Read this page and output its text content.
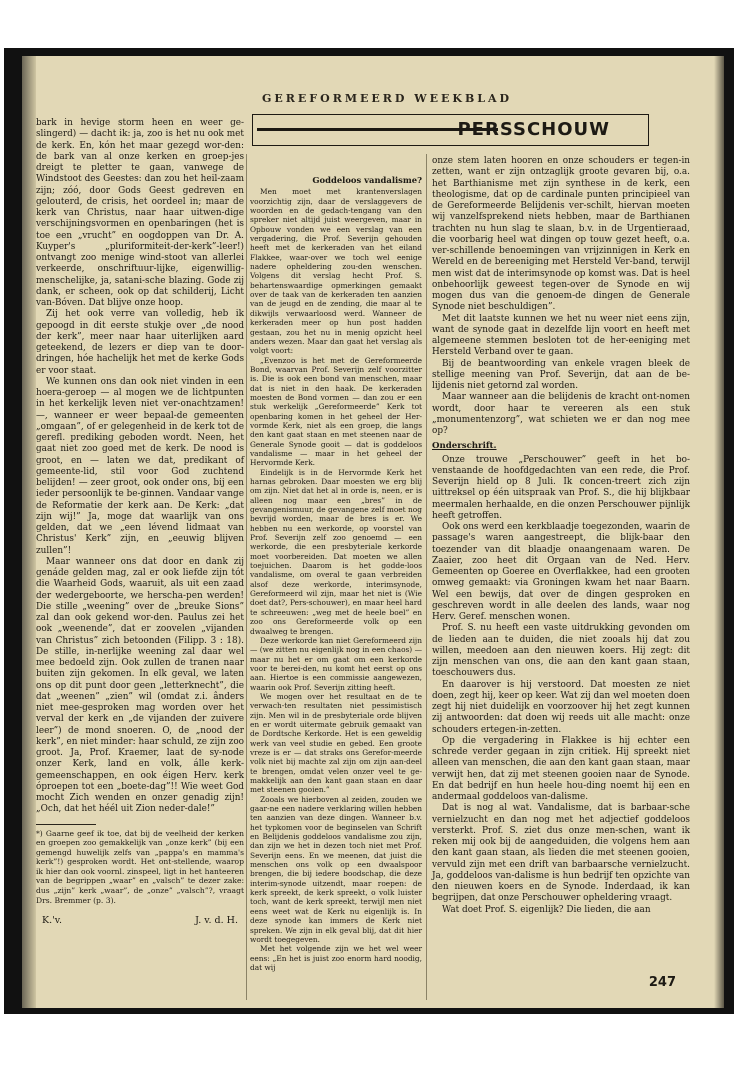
GEREFORMEERD WEEKBLAD
PERSSCHOUW

bark in hevige storm heen en weer ge-slingerd) — dacht ik: ja, zoo is het nu ook met de kerk. En, kón het maar gezegd wor-den: de bark van al onze kerken en groep-jes dreigt te pletter te gaan, vanwege de Windstoot des Geestes: dan zou het heil-zaam zijn; zóó, door Gods Geest gedreven en gelouterd, de crisis, het oordeel in; maar de kerk van Christus, naar haar uitwen-dige verschijningsvormen en openbaringen (het is toe een „vrucht” en oogdoppen van Dr. A. Kuyper's „pluriformiteit-der-kerk”-leer!) ontvangt zoo menige wind-stoot van allerlei verkeerde, onschriftuur-lijke, eigenwillig-menschelijke, ja, satani-sche blazing. Gode zij dank, er scheen, ook op dat schilderij, Licht van-Bóven. Dat blijve onze hoop.

Zij het ook verre van volledig, heb ik gepoogd in dit eerste stukje over „de nood der kerk”, meer naar haar uiterlijken aard geteekend, de lezers er diep van te door-dringen, hóe hachelijk het met de kerke Gods er voor staat.

We kunnen ons dan ook niet vinden in een hoera-geroep — al mogen we de lichtpunten in het kerkelijk leven niet ver-onachtzamen! —, wanneer er weer bepaal-de gemeenten „omgaan”, of er gelegenheid in de kerk tot de gerefl. prediking geboden wordt. Neen, het gaat niet zoo goed met de kerk. De nood is groot, en — laten we dat, predikant of gemeente-lid, stil voor God zuchtend belijden! — zeer groot, ook onder ons, bij een ieder persoonlijk te be-ginnen. Vandaar vange de Reformatie der kerk aan. De Kerk: „dat zijn wij!” Ja, moge dat waarlijk van ons gelden, dat we „een lévend lidmaat van Christus' Kerk” zijn, en „eeuwig blijven zullen”!

Maar wanneer ons dat door en dank zij genáde gelden mag, zal er ook liefde zijn tót die Waarheid Gods, waaruit, als uit een zaad der wedergeboorte, we herscha-pen werden! Die stille „weening” over de „breuke Sions” zal dan ook gekend wor-den. Paulus zei het ook „weenende”, dat er zoovelen „vijanden van Christus” zich betoonden (Filipp. 3 : 18). De stille, in-nerlijke weening zal daar wel mee bedoeld zijn. Ook zullen de tranen naar buiten zijn gekomen. In elk geval, we laten ons op dit punt door geen „letterknecht”, die dat „weenen” „zien” wil (omdat z.i. ânders niet mee-gesproken mag worden over het verval der kerk en „de vijanden der zuivere leer”) de mond snoeren. O, de „nood der kerk”, en niet minder: haar schuld, ze zijn zoo groot. Ja, Prof. Kraemer, laat de sy-node onzer Kerk, land en volk, álle kerk-gemeenschappen, en ook éigen Herv. kerk óproepen tot een „boete-dag”!! Wie weet God mocht Zich wenden en onzer genadig zijn! „Och, dat het héél uit Zion neder-dale!”

*) Gaarne geef ik toe, dat bij de veelheid der kerken en groepen zoo gemakkelijk van „onze kerk” (bij een gemengd huwelijk zelfs van „pappa's en mamma's kerk”!) gesproken wordt. Het ont-stellende, waarop ik hier dan ook voornl. zinspeel, ligt in het hanteeren van de begrippen „waar” en „valsch” te dezer zake: dus „zijn” kerk „waar”, de „onze” „valsch”?, vraagt Drs. Bremmer (p. 3).

K.'v.	J. v. d. H.
Goddeloos vandalisme?

Men moet met krantenverslagen voorzichtig zijn, daar de verslaggevers de woorden en de gedach-tengang van den spreker niet altijd juist weergeven, maar in Opbouw vonden we een verslag van een vergadering, die Prof. Severijn gehouden heeft met de kerkeraden van het eiland Flakkee, waar-over we toch wel eenige nadere opheldering zou-den wenschen. Volgens dit verslag hecht Prof. S. behartenswaardige opmerkingen gemaakt over de taak van de kerkeraden ten aanzien van de jeugd en de zending, die maar al te dikwijls verwaarloosd werd. Wanneer de kerkeraden meer op hun post hadden gestaan, zou het nu in menig opzicht heel anders wezen. Maar dan gaat het verslag als volgt voort:

„Evenzoo is het met de Gereformeerde Bond, waarvan Prof. Severijn zelf voorzitter is. Die is ook een bond van menschen, maar dat is niet in den haak. De kerkeraden moesten de Bond vormen — dan zou er een stuk werkelijk „Gereformeerde” Kerk tot openbaring komen in het geheel der Her-vormde Kerk, niet als een groep, die langs den kant gaat staan en met steenen naar de Generale Synode gooit — dat is goddeloos vandalisme — maar in het geheel der Hervormde Kerk.

Eindelijk is in de Hervormde Kerk het harnas gebroken. Daar moesten we erg blij om zijn. Niet dat het al in orde is, neen, er is alleen nog maar een „bres” in de gevangenismuur, de gevangene zelf moet nog bevrijd worden, maar de bres is er. We hebben nu een werkorde, op voorstel van Prof. Severijn zelf zoo genoemd — een werkorde, die een presbyteriale kerkorde moet voorbereiden. Dat moeten we allen toejuichen. Daarom is het godde-loos vandalisme, om overal te gaan verbreiden alsof deze werkorde, interimsynode, Gereformeerd wil zijn, maar het niet is (Wie doet dat?, Pers-schouwer), en maar heel hard te schreeuwen: „weg met de heele boel” en zoo ons Gereformeerde volk op een dwaalweg te brengen.

Deze werkorde kan niet Gereformeerd zijn — (we zitten nu eigenlijk nog in een chaos) — maar nu het er om gaat om een kerkorde voor te berei-den, nu komt het eerst op ons aan. Hiertoe is een commissie aangewezen, waarin ook Prof. Severijn zitting heeft.

We mogen over het resultaat en de te verwach-ten resultaten niet pessimistisch zijn. Men wil in de presbyteriale orde blijven en er wordt uitermate gebruik gemaakt van de Dordtsche Kerkorde. Het is een geweldig werk van veel studie en gebed. Een groote vreze is er — dat straks ons Gerefor-meerde volk niet bij machte zal zijn om zijn aan-deel te brengen, omdat velen onzer veel te ge-makkelijk aan den kant gaan staan en daar met steenen gooien.”

Zooals we hierboven al zeiden, zouden we gaar-ne een nadere verklaring willen hebben ten aanzien van deze dingen. Wanneer b.v. het typkomen voor de beginselen van Schrift en Belijdenis goddeloos vandalisme zou zijn, dan zijn we het in dezen toch niet met Prof. Severijn eens. En we meenen, dat juist die menschen ons volk op een dwaalspoor brengen, die bij iedere boodschap, die deze interim-synode uitzendt, maar roepen: de kerk spreekt, de kerk spreekt, o volk luister toch, want de kerk spreekt, terwijl men niet eens weet wat de Kerk nu eigenlijk is. In deze synode kan immers de Kerk niet spreken. We zijn in elk geval blij, dat dit hier wordt toegegeven.

Met het volgende zijn we het wel weer eens: „En het is juist zoo enorm hard noodig, dat wij

onze stem laten hooren en onze schouders er tegen-in zetten, want er zijn ontzaglijk groote gevaren bij, o.a. het Barthianisme met zijn synthese in de kerk, een theologisme, dat op de cardinale punten principieel van de Gereformeerde Belijdenis ver-schilt, hiervan moeten wij vanzelfsprekend niets hebben, maar de Barthianen trachten nu hun slag te slaan, b.v. in de Urgentieraad, die voorbarig heel wat dingen op touw gezet heeft, o.a. ver-schillende benoemingen van vrijzinnigen in Kerk en Wereld en de bereeniging met Hersteld Ver-band, terwijl men wist dat de interimsynode op komst was. Dat is heel onbehoorlijk geweest tegen-over de Synode en wij mogen dus van die genoem-de dingen de Generale Synode niet beschuldigen”.

Met dit laatste kunnen we het nu weer niet eens zijn, want de synode gaat in dezelfde lijn voort en heeft met algemeene stemmen besloten tot de her-eeniging met Hersteld Verband over te gaan.

Bij de beantwoording van enkele vragen bleek de stellige meening van Prof. Severijn, dat aan de be-lijdenis niet getornd zal worden.

Maar wanneer aan die belijdenis de kracht ont-nomen wordt, door haar te vereeren als een stuk „monumentenzorg”, wat schieten we er dan nog mee op?

Onderschrift.

Onze trouwe „Perschouwer” geeft in het bo-venstaande de hoofdgedachten van een rede, die Prof. Severijn hield op 8 Juli. Ik concen-treert zich zijn uittreksel op één uitspraak van Prof. S., die hij blijkbaar meermalen herhaalde, en die onzen Perschouwer pijnlijk heeft getroffen.

Ook ons werd een kerkblaadje toegezonden, waarin de passage's waren aangestreept, die blijk-baar den toezender van dit blaadje onaangenaam waren. De Zaaier, zoo heet dit Orgaan van de Ned. Herv. Gemeenten op Goeree en Overflakkee, had een grooten omweg gemaakt: via Groningen kwam het naar Baarn. Wel een bewijs, dat over de dingen gesproken en geschreven wordt in alle deelen des lands, waar nog Herv. Geref. menschen wonen.

Prof. S. nu heeft een vaste uitdrukking gevonden om de lieden aan te duiden, die niet zooals hij dat zou willen, meedoen aan den nieuwen koers. Hij zegt: dit zijn menschen van ons, die aan den kant gaan staan, toeschouwers dus.

En daarover is hij verstoord. Dat moesten ze niet doen, zegt hij, keer op keer. Wat zij dan wel moeten doen zegt hij niet duidelijk en voorzoover hij het zegt kunnen zij antwoorden: dat doen wij reeds uit alle macht: onze schouders ertegen-in-zetten.

Op die vergadering in Flakkee is hij echter een schrede verder gegaan in zijn critiek. Hij spreekt niet alleen van menschen, die aan den kant gaan staan, maar verwijt hen, dat zij met steenen gooien naar de Synode. En dat bedrijf en hun heele hou-ding noemt hij een en andermaal goddeloos van-dalisme.

Dat is nog al wat. Vandalisme, dat is barbaar-sche vernielzucht en dan nog met het adjectief goddeloos versterkt. Prof. S. ziet dus onze men-schen, want ik reken mij ook bij de aangeduiden, die volgens hem aan den kant gaan staan, als lieden die met steenen gooien, vervuld zijn met een drift van barbaarsche vernielzucht. Ja, goddeloos van-dalisme is hun bedrijf ten opzichte van den nieuwen koers en de Synode. Inderdaad, ik kan begrijpen, dat onze Perschouwer opheldering vraagt.

Wat doet Prof. S. eigenlijk? Die lieden, die aan

247
